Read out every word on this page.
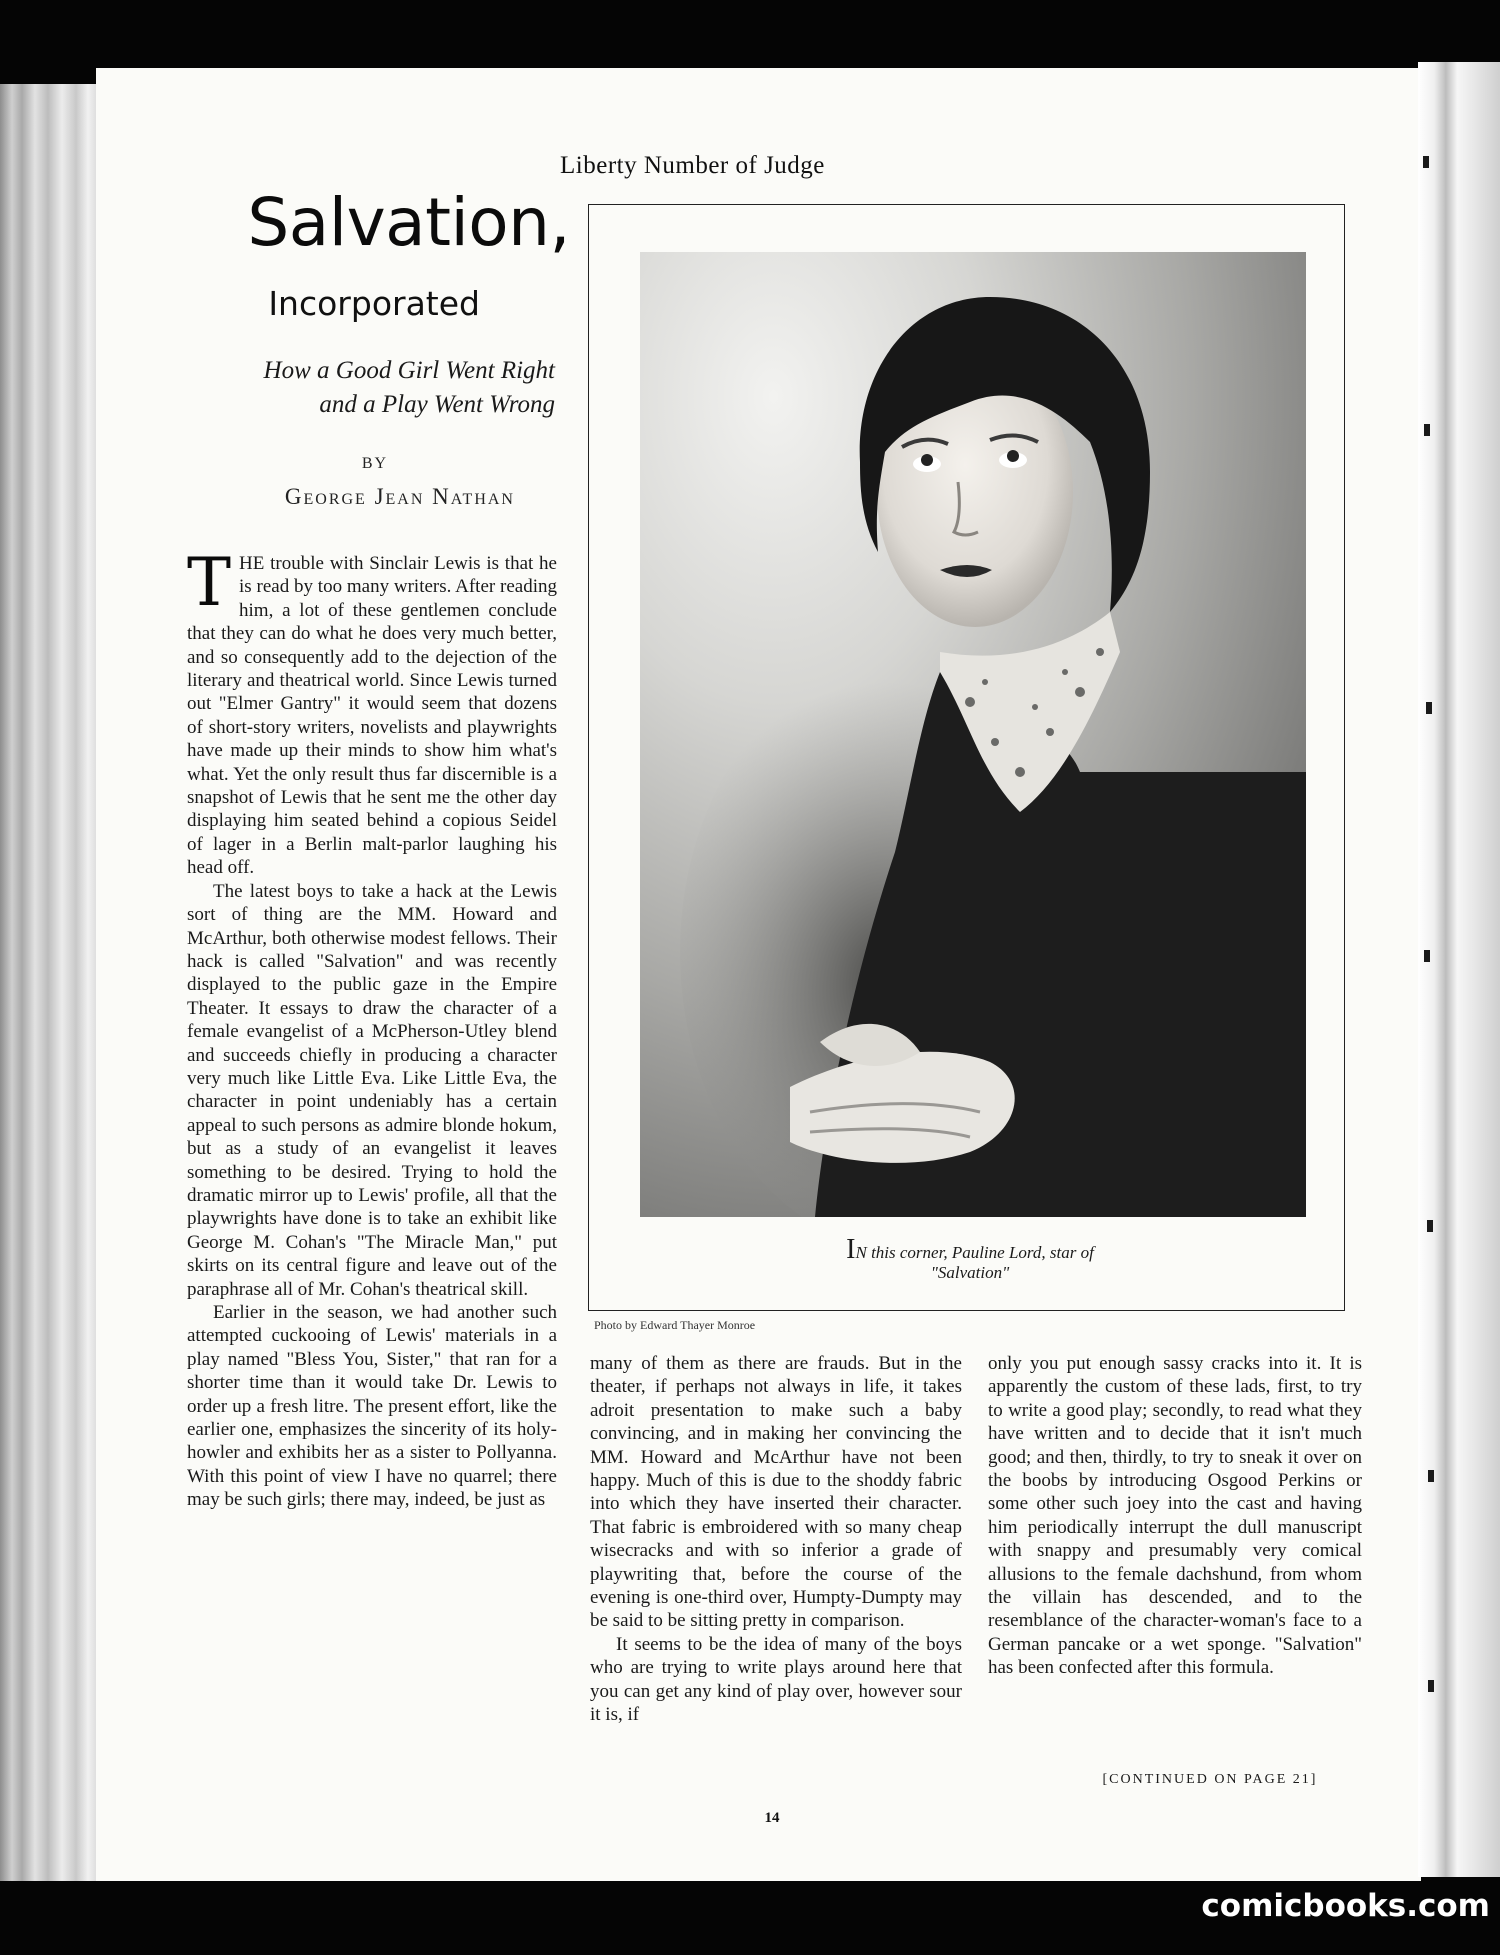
Liberty Number of Judge
Salvation,
Incorporated
How a Good Girl Went Right
and a Play Went Wrong
BY
George Jean Nathan

THE trouble with Sinclair Lewis is that he is read by too many writers. After reading him, a lot of these gentlemen conclude that they can do what he does very much better, and so consequently add to the dejection of the literary and theatrical world. Since Lewis turned out "Elmer Gantry" it would seem that dozens of short-story writers, novelists and playwrights have made up their minds to show him what's what. Yet the only result thus far discernible is a snapshot of Lewis that he sent me the other day displaying him seated behind a copious Seidel of lager in a Berlin malt-parlor laughing his head off.

The latest boys to take a hack at the Lewis sort of thing are the MM. Howard and McArthur, both otherwise modest fellows. Their hack is called "Salvation" and was recently displayed to the public gaze in the Empire Theater. It essays to draw the character of a female evangelist of a McPherson-Utley blend and succeeds chiefly in producing a character very much like Little Eva. Like Little Eva, the character in point undeniably has a certain appeal to such persons as admire blonde hokum, but as a study of an evangelist it leaves something to be desired. Trying to hold the dramatic mirror up to Lewis' profile, all that the playwrights have done is to take an exhibit like George M. Cohan's "The Miracle Man," put skirts on its central figure and leave out of the paraphrase all of Mr. Cohan's theatrical skill.

Earlier in the season, we had another such attempted cuckooing of Lewis' materials in a play named "Bless You, Sister," that ran for a shorter time than it would take Dr. Lewis to order up a fresh litre. The present effort, like the earlier one, emphasizes the sincerity of its holy-howler and exhibits her as a sister to Pollyanna. With this point of view I have no quarrel; there may be such girls; there may, indeed, be just as

IN this corner, Pauline Lord, star of
"Salvation"
Photo by Edward Thayer Monroe

many of them as there are frauds. But in the theater, if perhaps not always in life, it takes adroit presentation to make such a baby convincing, and in making her convincing the MM. Howard and McArthur have not been happy. Much of this is due to the shoddy fabric into which they have inserted their character. That fabric is embroidered with so many cheap wisecracks and with so inferior a grade of playwriting that, before the course of the evening is one-third over, Humpty-Dumpty may be said to be sitting pretty in comparison.

It seems to be the idea of many of the boys who are trying to write plays around here that you can get any kind of play over, however sour it is, if

only you put enough sassy cracks into it. It is apparently the custom of these lads, first, to try to write a good play; secondly, to read what they have written and to decide that it isn't much good; and then, thirdly, to try to sneak it over on the boobs by introducing Osgood Perkins or some other such joey into the cast and having him periodically interrupt the dull manuscript with snappy and presumably very comical allusions to the female dachshund, from whom the villain has descended, and to the resemblance of the character-woman's face to a German pancake or a wet sponge. "Salvation" has been confected after this formula.

[CONTINUED ON PAGE 21]
14
comicbooks.com
